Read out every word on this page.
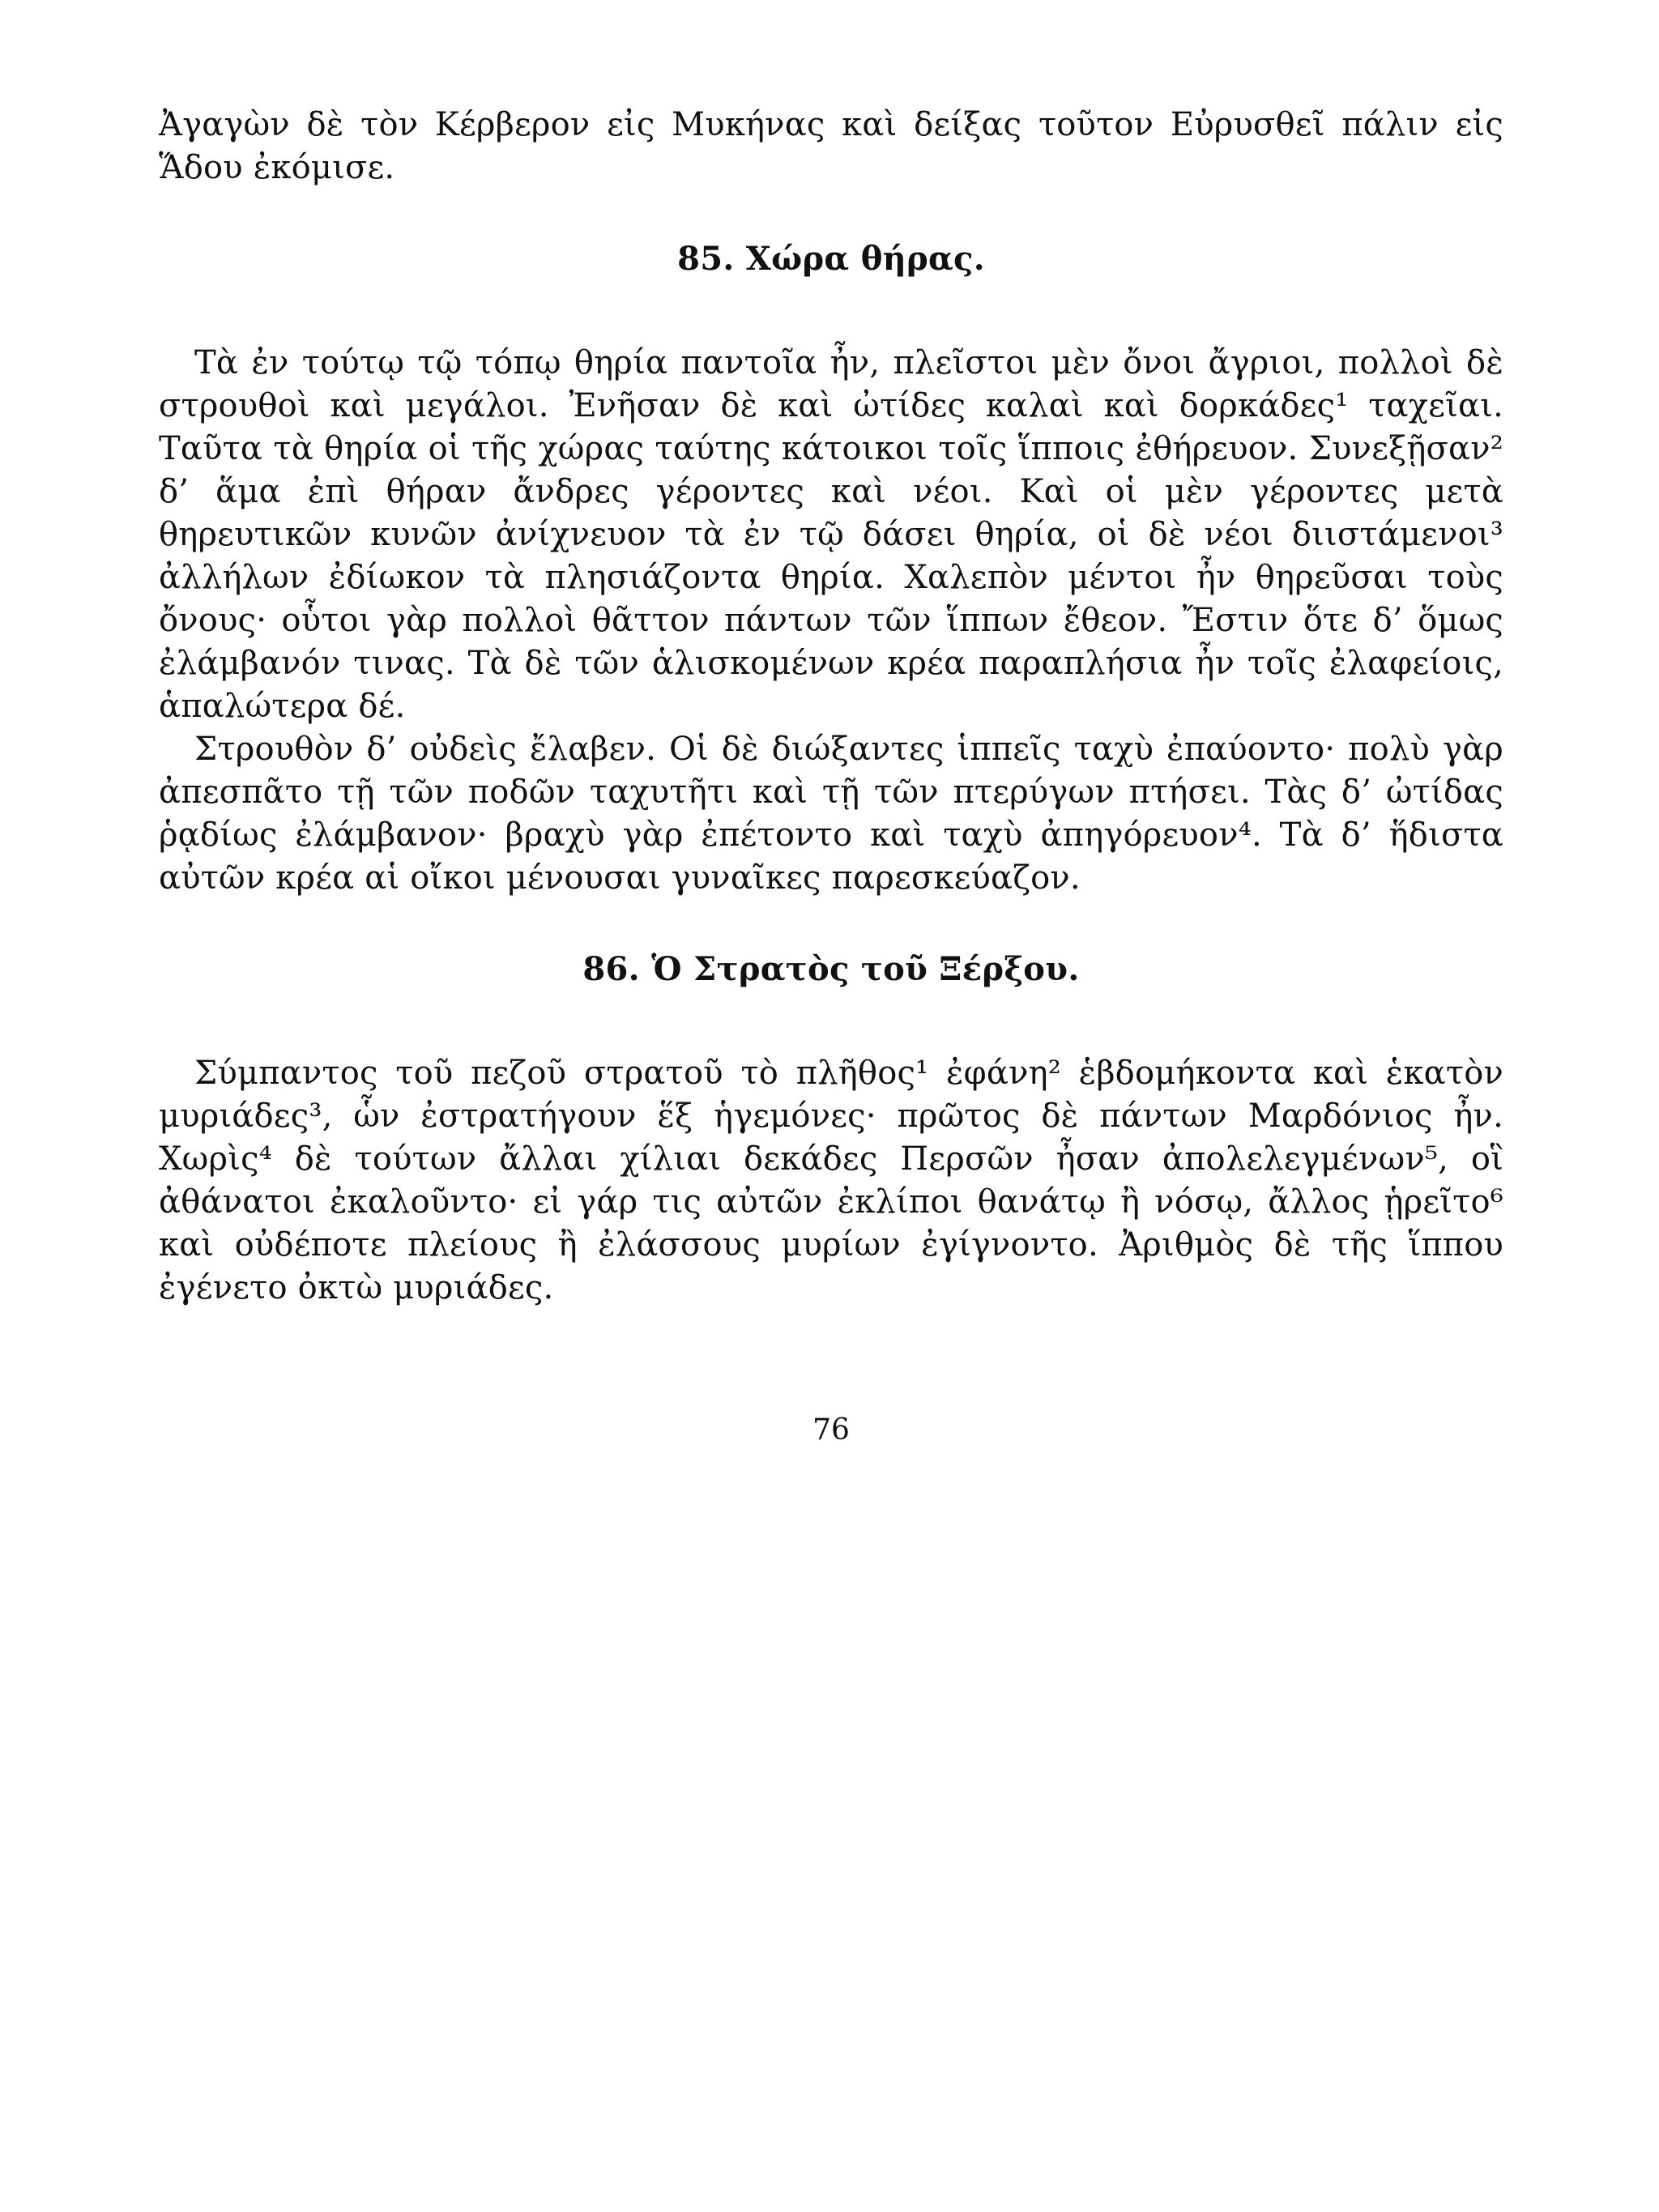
Ἀγαγὼν δὲ τὸν Κέρβερον εἰς Μυκήνας καὶ δείξας τοῦτον Εὐρυσθεῖ πάλιν εἰς Ἅδου ἐκόμισε.

85. Χώρα θήρας.

Τὰ ἐν τούτῳ τῷ τόπῳ θηρία παντοῖα ἦν, πλεῖστοι μὲν ὄνοι ἄγριοι, πολλοὶ δὲ στρουθοὶ καὶ μεγάλοι. Ἐνῆσαν δὲ καὶ ὠτίδες καλαὶ καὶ δορκάδες¹ ταχεῖαι. Ταῦτα τὰ θηρία οἱ τῆς χώρας ταύτης κάτοικοι τοῖς ἵπποις ἐθήρευον. Συνεξῇσαν² δ’ ἅμα ἐπὶ θήραν ἄνδρες γέροντες καὶ νέοι. Καὶ οἱ μὲν γέροντες μετὰ θηρευτικῶν κυνῶν ἀνίχνευον τὰ ἐν τῷ δάσει θηρία, οἱ δὲ νέοι διιστάμενοι³ ἀλλήλων ἐδίωκον τὰ πλησιάζοντα θηρία. Χαλεπὸν μέντοι ἦν θηρεῦσαι τοὺς ὄνους· οὗτοι γὰρ πολλοὶ θᾶττον πάντων τῶν ἵππων ἔθεον. Ἔστιν ὅτε δ’ ὅμως ἐλάμβανόν τινας. Τὰ δὲ τῶν ἁλισκομένων κρέα παραπλήσια ἦν τοῖς ἐλαφείοις, ἁπαλώτερα δέ.

Στρουθὸν δ’ οὐδεὶς ἔλαβεν. Οἱ δὲ διώξαντες ἱππεῖς ταχὺ ἐπαύοντο· πολὺ γὰρ ἀπεσπᾶτο τῇ τῶν ποδῶν ταχυτῆτι καὶ τῇ τῶν πτερύγων πτήσει. Τὰς δ’ ὠτίδας ῥᾳδίως ἐλάμβανον· βραχὺ γὰρ ἐπέτοντο καὶ ταχὺ ἀπηγόρευον⁴. Τὰ δ’ ἥδιστα αὐτῶν κρέα αἱ οἴκοι μένουσαι γυναῖκες παρεσκεύαζον.

86. Ὁ Στρατὸς τοῦ Ξέρξου.

Σύμπαντος τοῦ πεζοῦ στρατοῦ τὸ πλῆθος¹ ἐφάνη² ἑβδομήκοντα καὶ ἑκατὸν μυριάδες³, ὧν ἐστρατήγουν ἕξ ἡγεμόνες· πρῶτος δὲ πάντων Μαρδόνιος ἦν. Χωρὶς⁴ δὲ τούτων ἄλλαι χίλιαι δεκάδες Περσῶν ἦσαν ἀπολελεγμένων⁵, οἳ ἀθάνατοι ἐκαλοῦντο· εἰ γάρ τις αὐτῶν ἐκλίποι θανάτῳ ἢ νόσῳ, ἄλλος ᾑρεῖτο⁶ καὶ οὐδέποτε πλείους ἢ ἐλάσσους μυρίων ἐγίγνοντο. Ἀριθμὸς δὲ τῆς ἵππου ἐγένετο ὀκτὼ μυριάδες.

76
